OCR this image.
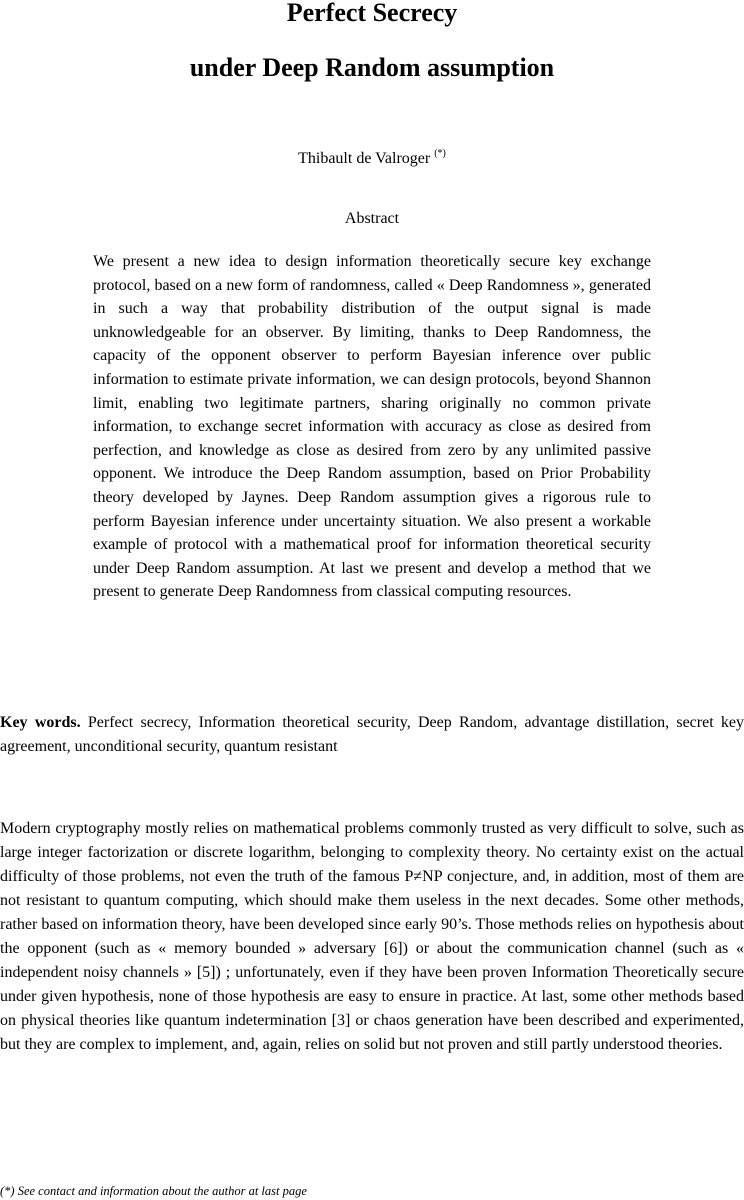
Perfect Secrecy
under Deep Random assumption
Thibault de Valroger (*)
Abstract

We present a new idea to design information theoretically secure key exchange protocol, based on a new form of randomness, called « Deep Randomness », generated in such a way that probability distribution of the output signal is made unknowledgeable for an observer. By limiting, thanks to Deep Randomness, the capacity of the opponent observer to perform Bayesian inference over public information to estimate private information, we can design protocols, beyond Shannon limit, enabling two legitimate partners, sharing originally no common private information, to exchange secret information with accuracy as close as desired from perfection, and knowledge as close as desired from zero by any unlimited passive opponent. We introduce the Deep Random assumption, based on Prior Probability theory developed by Jaynes. Deep Random assumption gives a rigorous rule to perform Bayesian inference under uncertainty situation. We also present a workable example of protocol with a mathematical proof for information theoretical security under Deep Random assumption. At last we present and develop a method that we present to generate Deep Randomness from classical computing resources.

Key words. Perfect secrecy, Information theoretical security, Deep Random, advantage distillation, secret key agreement, unconditional security, quantum resistant

Modern cryptography mostly relies on mathematical problems commonly trusted as very difficult to solve, such as large integer factorization or discrete logarithm, belonging to complexity theory. No certainty exist on the actual difficulty of those problems, not even the truth of the famous P≠NP conjecture, and, in addition, most of them are not resistant to quantum computing, which should make them useless in the next decades. Some other methods, rather based on information theory, have been developed since early 90’s. Those methods relies on hypothesis about the opponent (such as « memory bounded » adversary [6]) or about the communication channel (such as « independent noisy channels » [5]) ; unfortunately, even if they have been proven Information Theoretically secure under given hypothesis, none of those hypothesis are easy to ensure in practice. At last, some other methods based on physical theories like quantum indetermination [3] or chaos generation have been described and experimented, but they are complex to implement, and, again, relies on solid but not proven and still partly understood theories.

(*) See contact and information about the author at last page
